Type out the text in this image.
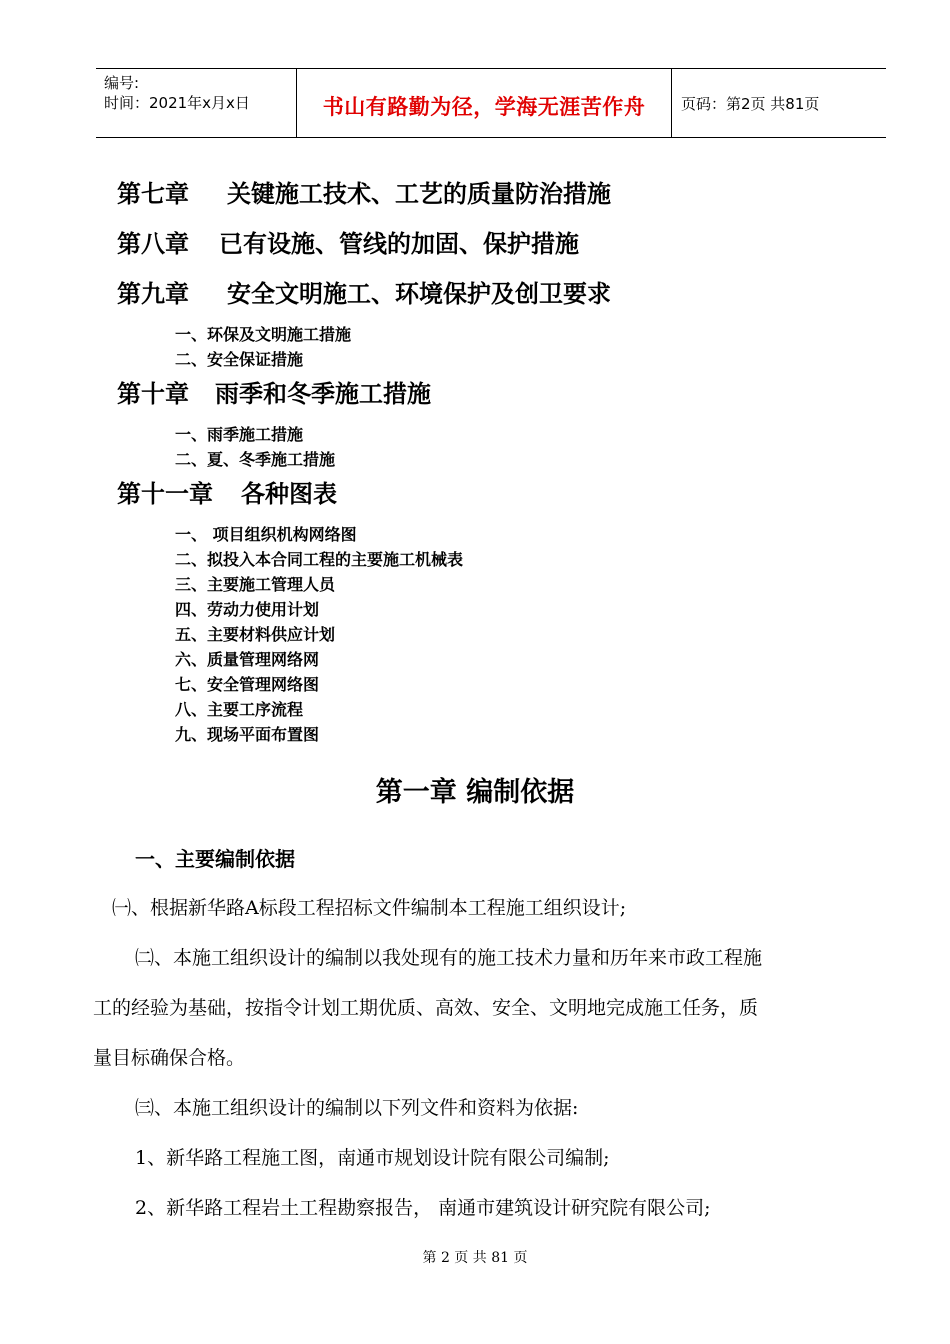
编号:
时间：2021年x月x日	书山有路勤为径，学海无涯苦作舟	页码：第2页 共81页
第七章 关键施工技术、工艺的质量防治措施
第八章 已有设施、管线的加固、保护措施
第九章 安全文明施工、环境保护及创卫要求
一、环保及文明施工措施
二、安全保证措施
第十章 雨季和冬季施工措施
一、雨季施工措施
二、夏、冬季施工措施
第十一章 各种图表
一、 项目组织机构网络图
二、拟投入本合同工程的主要施工机械表
三、主要施工管理人员
四、劳动力使用计划
五、主要材料供应计划
六、质量管理网络网
七、安全管理网络图
八、主要工序流程
九、现场平面布置图
第一章 编制依据
一、主要编制依据
㈠、根据新华路A标段工程招标文件编制本工程施工组织设计;
㈡、本施工组织设计的编制以我处现有的施工技术力量和历年来市政工程施
工的经验为基础，按指令计划工期优质、高效、安全、文明地完成施工任务，质
量目标确保合格。
㈢、本施工组织设计的编制以下列文件和资料为依据:
1、新华路工程施工图，南通市规划设计院有限公司编制;
2、新华路工程岩土工程勘察报告， 南通市建筑设计研究院有限公司;
第 2 页 共 81 页
